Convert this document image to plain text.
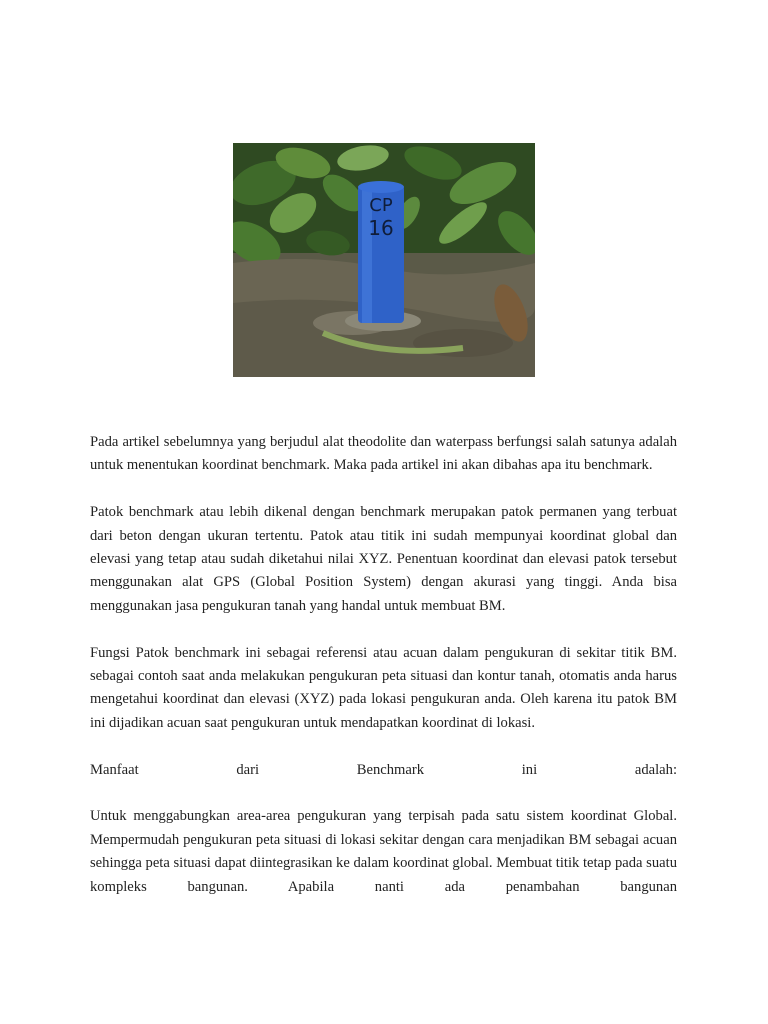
CP
16

Pada artikel sebelumnya yang berjudul alat theodolite dan waterpass berfungsi salah satunya adalah untuk menentukan koordinat benchmark. Maka pada artikel ini akan dibahas apa itu benchmark.

Patok benchmark atau lebih dikenal dengan benchmark merupakan patok permanen yang terbuat dari beton dengan ukuran tertentu. Patok atau titik ini sudah mempunyai koordinat global dan elevasi yang tetap atau sudah diketahui nilai XYZ. Penentuan koordinat dan elevasi patok tersebut menggunakan alat GPS (Global Position System) dengan akurasi yang tinggi. Anda bisa menggunakan jasa pengukuran tanah yang handal untuk membuat BM.

Fungsi Patok benchmark ini sebagai referensi atau acuan dalam pengukuran di sekitar titik BM. sebagai contoh saat anda melakukan pengukuran peta situasi dan kontur tanah, otomatis anda harus mengetahui koordinat dan elevasi (XYZ) pada lokasi pengukuran anda. Oleh karena itu patok BM ini dijadikan acuan saat pengukuran untuk mendapatkan koordinat di lokasi.

Manfaat dari Benchmark ini adalah:

Untuk menggabungkan area-area pengukuran yang terpisah pada satu sistem koordinat Global. Mempermudah pengukuran peta situasi di lokasi sekitar dengan cara menjadikan BM sebagai acuan sehingga peta situasi dapat diintegrasikan ke dalam koordinat global. Membuat titik tetap pada suatu kompleks bangunan. Apabila nanti ada penambahan bangunan
